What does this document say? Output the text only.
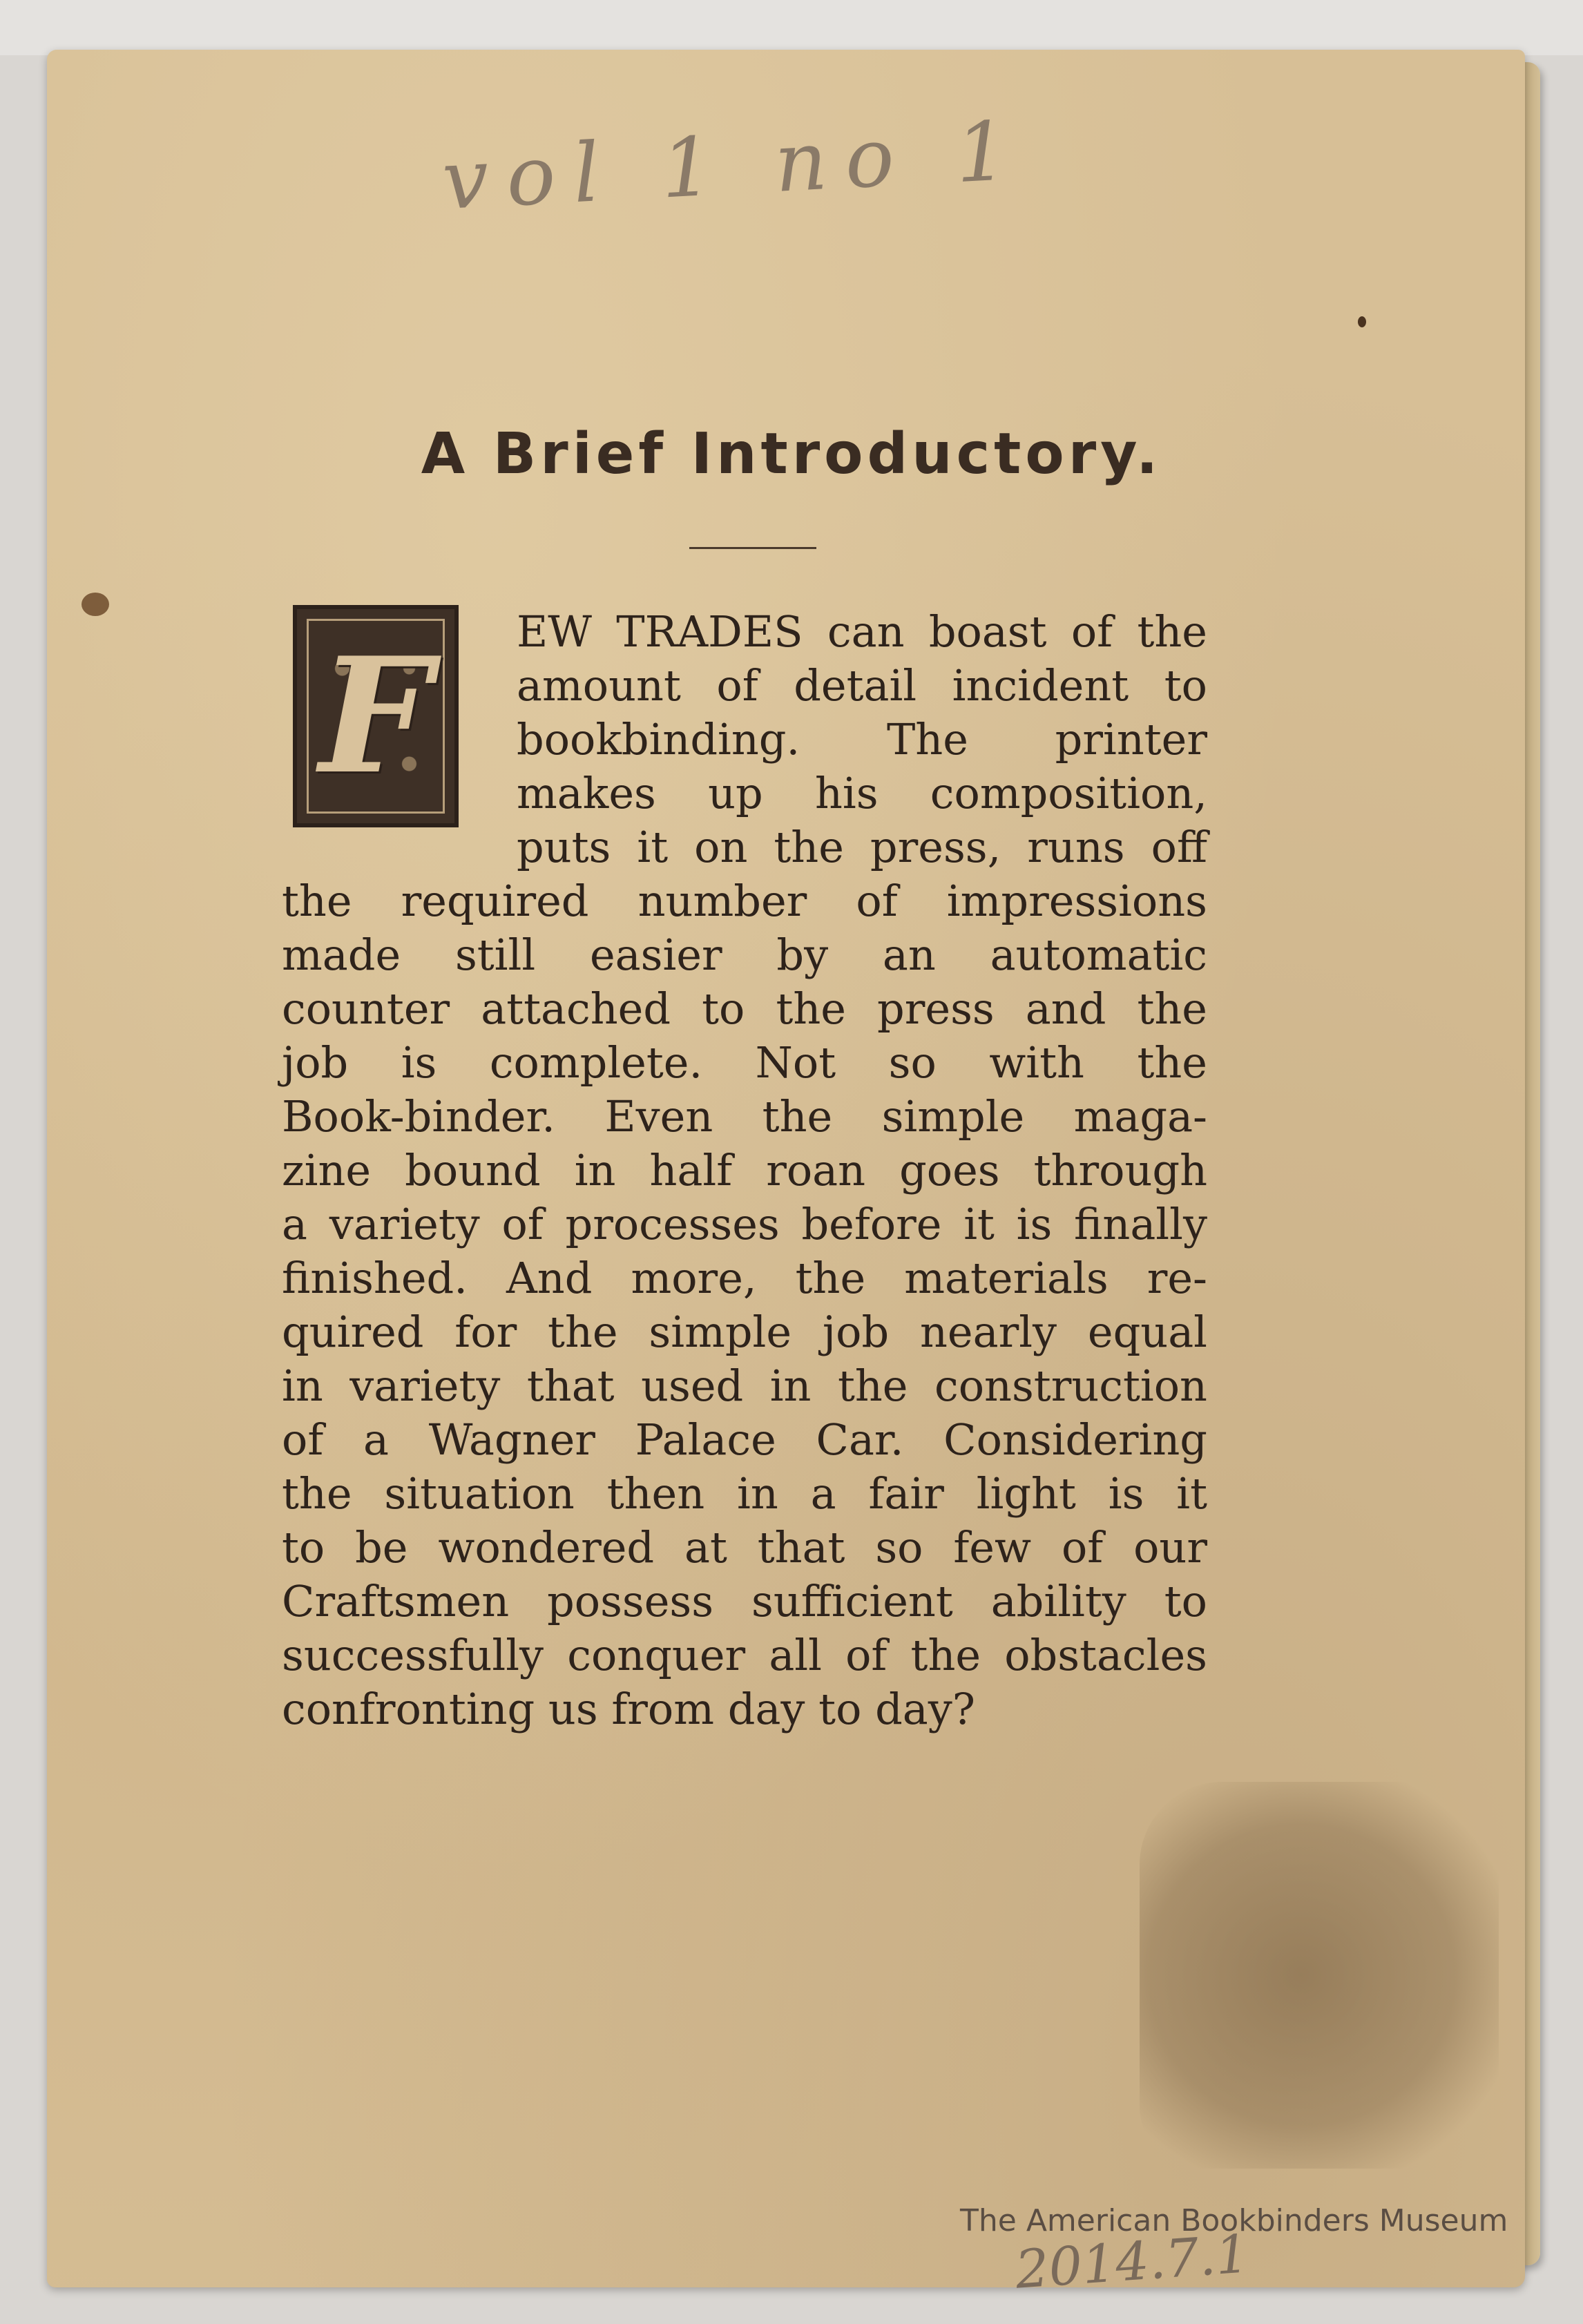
vol 1 no 1
A Brief Introductory.
F EW TRADES can boast of the
amount of detail incident to
bookbinding. The printer
makes up his composition,
puts it on the press, runs off
the required number of impressions
made still easier by an automatic
counter attached to the press and the
job is complete. Not so with the
Book-binder. Even the simple maga-
zine bound in half roan goes through
a variety of processes before it is finally
finished. And more, the materials re-
quired for the simple job nearly equal
in variety that used in the construction
of a Wagner Palace Car. Considering
the situation then in a fair light is it
to be wondered at that so few of our
Craftsmen possess sufficient ability to
successfully conquer all of the obstacles
confronting us from day to day?
The American Bookbinders Museum
2014.7.1
